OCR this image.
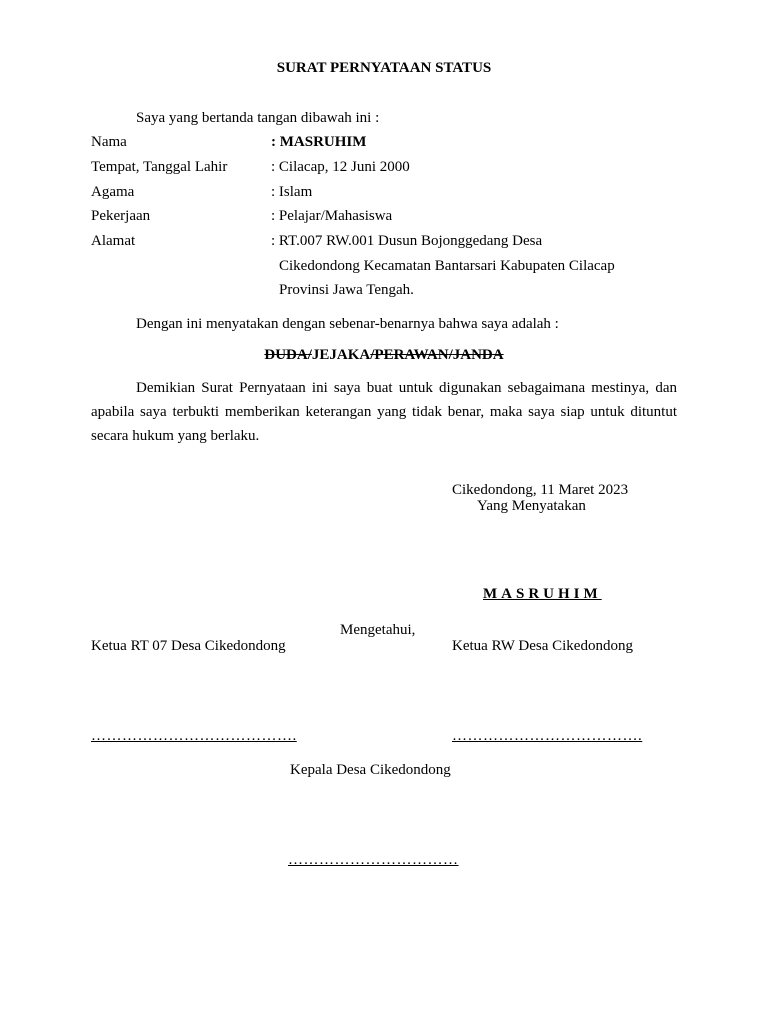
SURAT PERNYATAAN STATUS
Saya yang bertanda tangan dibawah ini :
Nama	: MASRUHIM
Tempat, Tanggal Lahir	: Cilacap, 12 Juni 2000
Agama	: Islam
Pekerjaan	: Pelajar/Mahasiswa
Alamat	: RT.007 RW.001 Dusun Bojonggedang Desa
Cikedondong Kecamatan Bantarsari Kabupaten Cilacap
Provinsi Jawa Tengah.
Dengan ini menyatakan dengan sebenar-benarnya bahwa saya adalah :
DUDA/JEJAKA/PERAWAN/JANDA
Demikian Surat Pernyataan ini saya buat untuk digunakan sebagaimana mestinya, dan apabila saya terbukti memberikan keterangan yang tidak benar, maka saya siap untuk dituntut secara hukum yang berlaku.
Cikedondong, 11 Maret 2023
Yang Menyatakan
MASRUHIM
Mengetahui,
Ketua RT 07 Desa Cikedondong	Ketua RW Desa Cikedondong
………………………………….	……………………………….
Kepala Desa Cikedondong
……………………………
